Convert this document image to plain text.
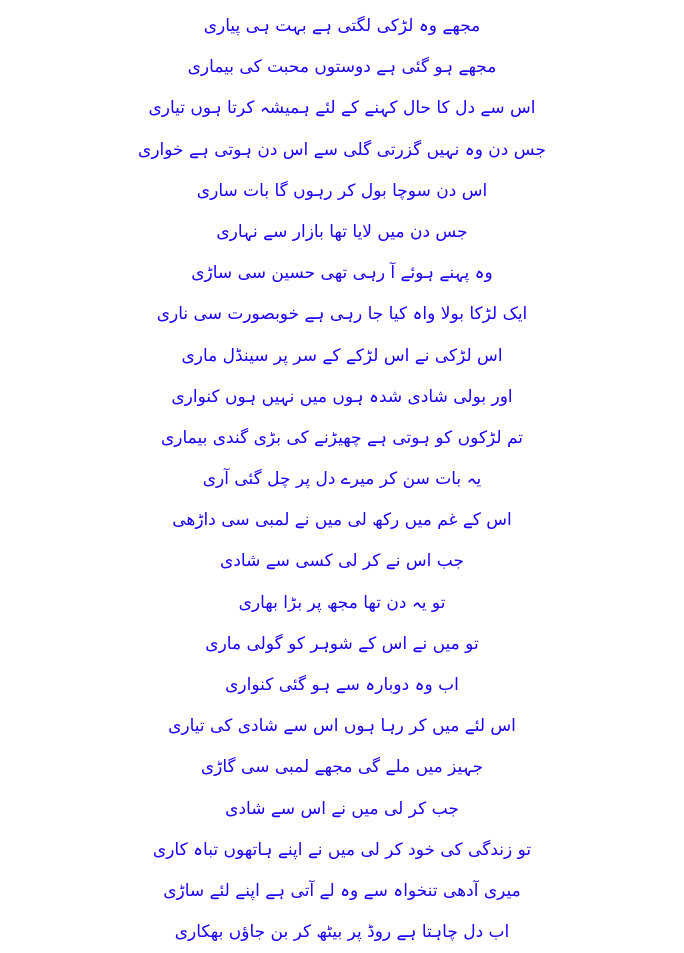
مجھے وہ لڑکی لگتی ہے بہت ہی پیاری
مجھے ہو گئی ہے دوستوں محبت کی بیماری
اس سے دل کا حال کہنے کے لئے ہمیشہ کرتا ہوں تیاری
جس دن وہ نہیں گزرتی گلی سے اس دن ہوتی ہے خواری
اس دن سوچا بول کر رہوں گا بات ساری
جس دن میں لایا تھا بازار سے نہاری
وہ پہنے ہوئے آ رہی تھی حسین سی ساڑی
ایک لڑکا بولا واہ کیا جا رہی ہے خوبصورت سی ناری
اس لڑکی نے اس لڑکے کے سر پر سینڈل ماری
اور بولی شادی شدہ ہوں میں نہیں ہوں کنواری
تم لڑکوں کو ہوتی ہے چھیڑنے کی بڑی گندی بیماری
یہ بات سن کر میرے دل پر چل گئی آری
اس کے غم میں رکھ لی میں نے لمبی سی داڑھی
جب اس نے کر لی کسی سے شادی
تو یہ دن تھا مجھ پر بڑا بھاری
تو میں نے اس کے شوہر کو گولی ماری
اب وہ دوبارہ سے ہو گئی کنواری
اس لئے میں کر رہا ہوں اس سے شادی کی تیاری
جہیز میں ملے گی مجھے لمبی سی گاڑی
جب کر لی میں نے اس سے شادی
تو زندگی کی خود کر لی میں نے اپنے ہاتھوں تباہ کاری
میری آدھی تنخواہ سے وہ لے آتی ہے اپنے لئے ساڑی
اب دل چاہتا ہے روڈ پر بیٹھ کر بن جاؤں بھکاری
